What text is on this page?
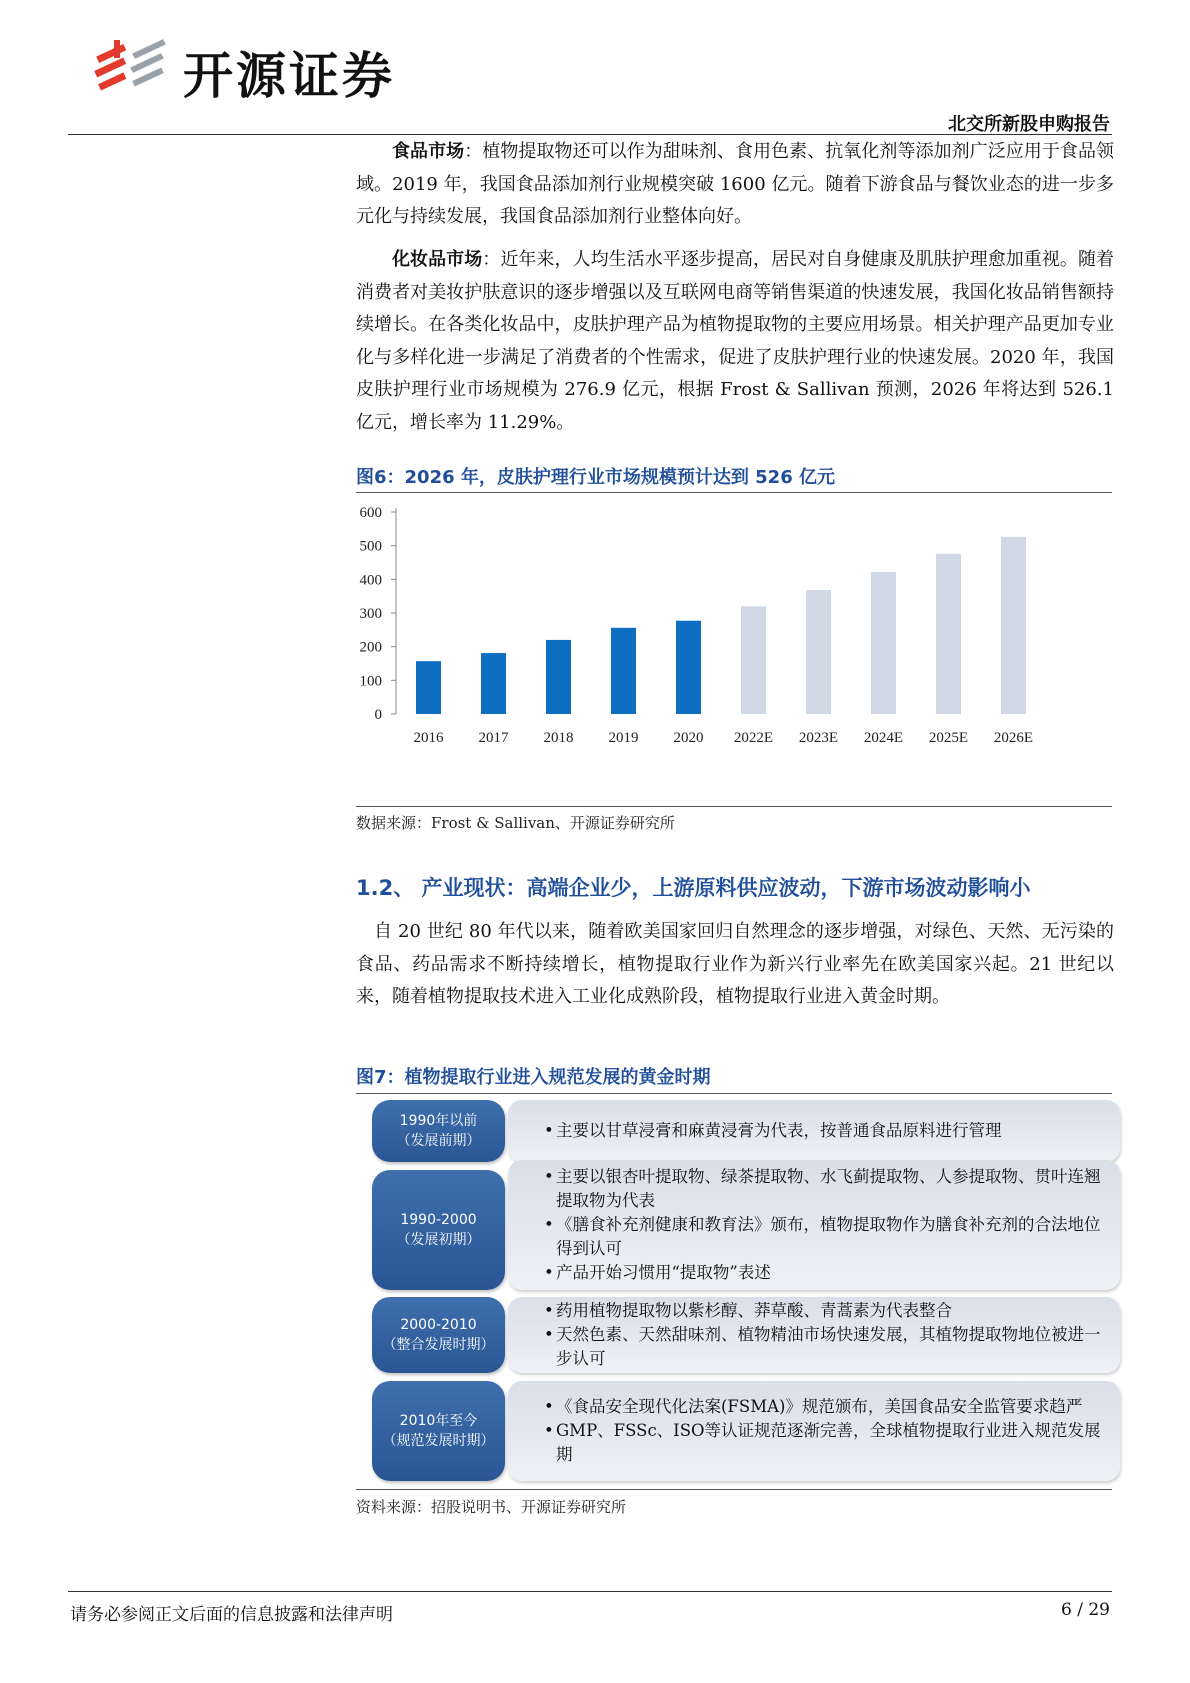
开源证券
北交所新股申购报告
食品市场：植物提取物还可以作为甜味剂、食用色素、抗氧化剂等添加剂广泛应用于食品领域。2019 年，我国食品添加剂行业规模突破 1600 亿元。随着下游食品与餐饮业态的进一步多元化与持续发展，我国食品添加剂行业整体向好。
化妆品市场：近年来，人均生活水平逐步提高，居民对自身健康及肌肤护理愈加重视。随着消费者对美妆护肤意识的逐步增强以及互联网电商等销售渠道的快速发展，我国化妆品销售额持续增长。在各类化妆品中，皮肤护理产品为植物提取物的主要应用场景。相关护理产品更加专业化与多样化进一步满足了消费者的个性需求，促进了皮肤护理行业的快速发展。2020 年，我国皮肤护理行业市场规模为 276.9 亿元，根据 Frost & Sallivan 预测，2026 年将达到 526.1 亿元，增长率为 11.29%。
图6：2026 年，皮肤护理行业市场规模预计达到 526 亿元
0
100
200
300
400
500
600
2016 2017 2018 2019 2020 2022E 2023E 2024E 2025E 2026E
数据来源：Frost & Sallivan、开源证券研究所
1.2、 产业现状：高端企业少，上游原料供应波动，下游市场波动影响小
自 20 世纪 80 年代以来，随着欧美国家回归自然理念的逐步增强，对绿色、天然、无污染的食品、药品需求不断持续增长，植物提取行业作为新兴行业率先在欧美国家兴起。21 世纪以来，随着植物提取技术进入工业化成熟阶段，植物提取行业进入黄金时期。
图7：植物提取行业进入规范发展的黄金时期
1990年以前
（发展前期）
• 主要以甘草浸膏和麻黄浸膏为代表，按普通食品原料进行管理
1990-2000
（发展初期）
• 主要以银杏叶提取物、绿茶提取物、水飞蓟提取物、人参提取物、贯叶连翘提取物为代表
• 《膳食补充剂健康和教育法》颁布，植物提取物作为膳食补充剂的合法地位得到认可
• 产品开始习惯用“提取物”表述
2000-2010
（整合发展时期）
• 药用植物提取物以紫杉醇、莽草酸、青蒿素为代表整合
• 天然色素、天然甜味剂、植物精油市场快速发展，其植物提取物地位被进一步认可
2010年至今
（规范发展时期）
• 《食品安全现代化法案(FSMA)》规范颁布，美国食品安全监管要求趋严
• GMP、FSSc、ISO等认证规范逐渐完善，全球植物提取行业进入规范发展期
资料来源：招股说明书、开源证券研究所
请务必参阅正文后面的信息披露和法律声明	6 / 29
